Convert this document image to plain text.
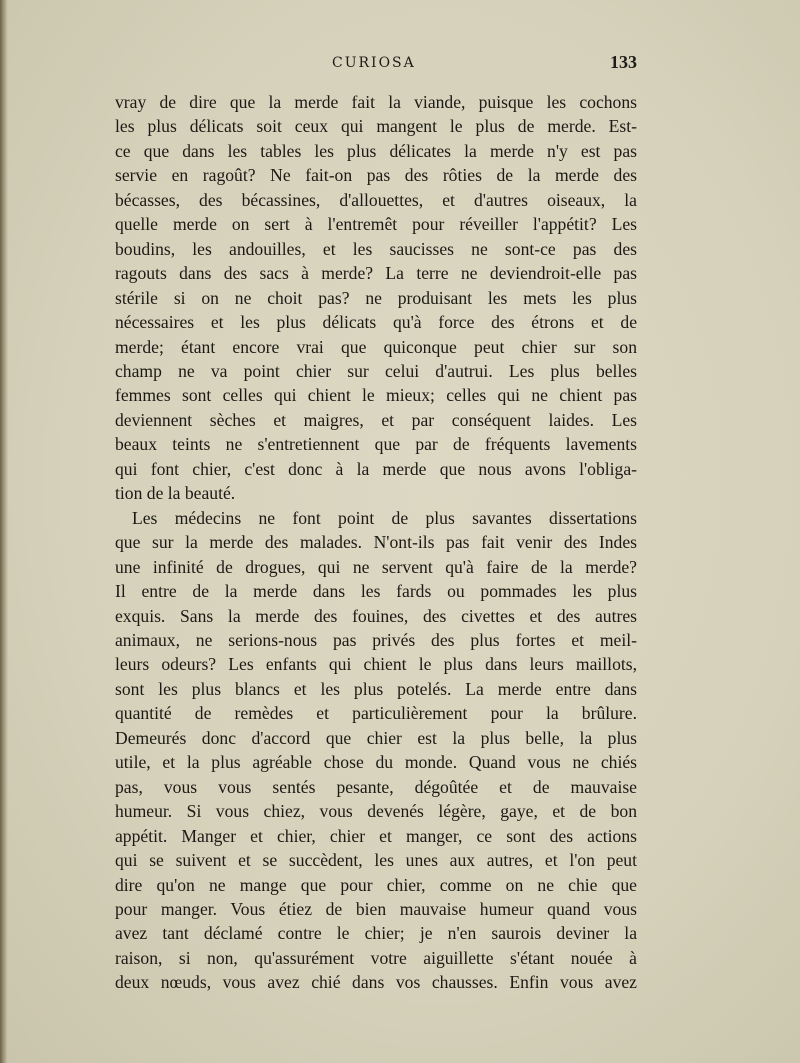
CURIOSA	133

vray de dire que la merde fait la viande, puisque les cochons
les plus délicats soit ceux qui mangent le plus de merde. Est-
ce que dans les tables les plus délicates la merde n'y est pas
servie en ragoût? Ne fait-on pas des rôties de la merde des
bécasses, des bécassines, d'allouettes, et d'autres oiseaux, la
quelle merde on sert à l'entremêt pour réveiller l'appétit? Les
boudins, les andouilles, et les saucisses ne sont-ce pas des
ragouts dans des sacs à merde? La terre ne deviendroit-elle pas
stérile si on ne choit pas? ne produisant les mets les plus
nécessaires et les plus délicats qu'à force des étrons et de
merde; étant encore vrai que quiconque peut chier sur son
champ ne va point chier sur celui d'autrui. Les plus belles
femmes sont celles qui chient le mieux; celles qui ne chient pas
deviennent sèches et maigres, et par conséquent laides. Les
beaux teints ne s'entretiennent que par de fréquents lavements
qui font chier, c'est donc à la merde que nous avons l'obliga-
tion de la beauté.

Les médecins ne font point de plus savantes dissertations
que sur la merde des malades. N'ont-ils pas fait venir des Indes
une infinité de drogues, qui ne servent qu'à faire de la merde?
Il entre de la merde dans les fards ou pommades les plus
exquis. Sans la merde des fouines, des civettes et des autres
animaux, ne serions-nous pas privés des plus fortes et meil-
leurs odeurs? Les enfants qui chient le plus dans leurs maillots,
sont les plus blancs et les plus potelés. La merde entre dans
quantité de remèdes et particulièrement pour la brûlure.
Demeurés donc d'accord que chier est la plus belle, la plus
utile, et la plus agréable chose du monde. Quand vous ne chiés
pas, vous vous sentés pesante, dégoûtée et de mauvaise
humeur. Si vous chiez, vous devenés légère, gaye, et de bon
appétit. Manger et chier, chier et manger, ce sont des actions
qui se suivent et se succèdent, les unes aux autres, et l'on peut
dire qu'on ne mange que pour chier, comme on ne chie que
pour manger. Vous étiez de bien mauvaise humeur quand vous
avez tant déclamé contre le chier; je n'en saurois deviner la
raison, si non, qu'assurément votre aiguillette s'étant nouée à
deux nœuds, vous avez chié dans vos chausses. Enfin vous avez
